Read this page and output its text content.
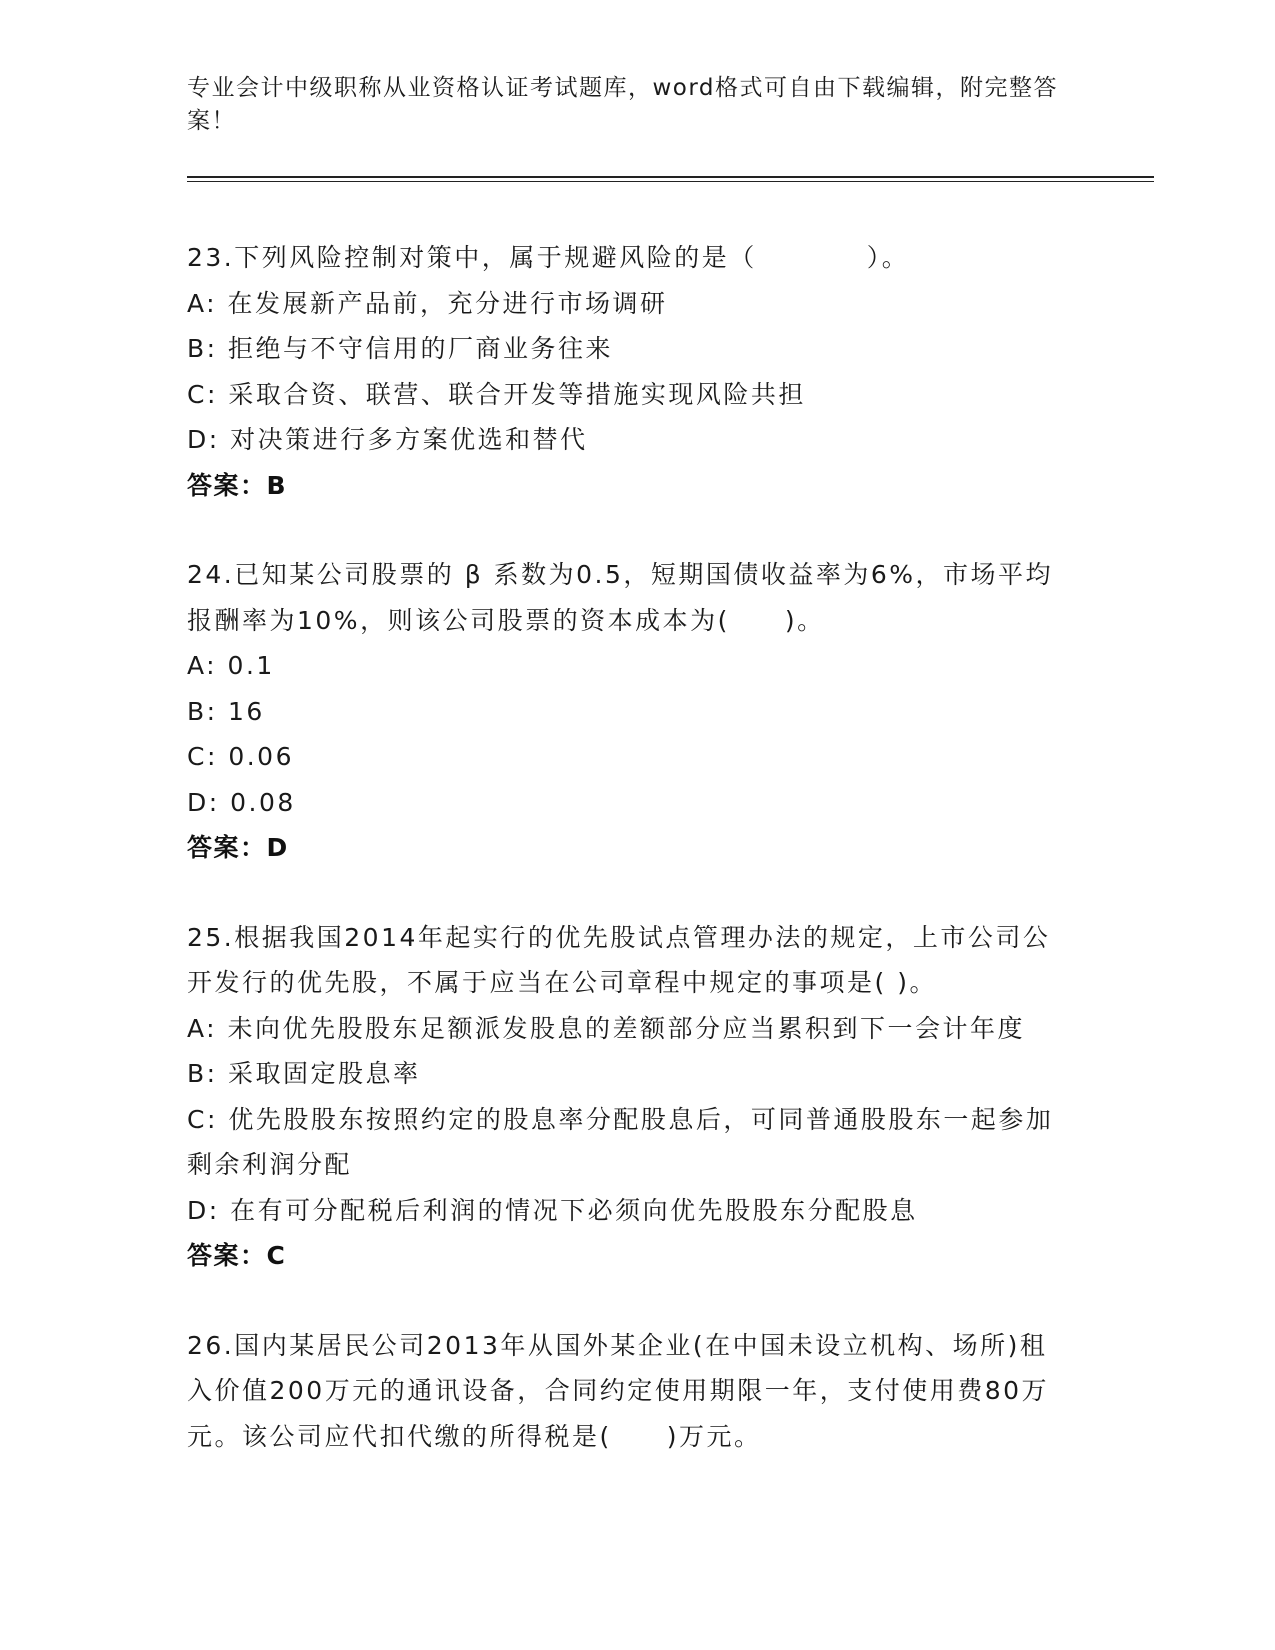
专业会计中级职称从业资格认证考试题库，word格式可自由下载编辑，附完整答案！
23.下列风险控制对策中，属于规避风险的是（　　　　）。
A: 在发展新产品前，充分进行市场调研
B: 拒绝与不守信用的厂商业务往来
C: 采取合资、联营、联合开发等措施实现风险共担
D: 对决策进行多方案优选和替代
答案：B
24.已知某公司股票的 β 系数为0.5，短期国债收益率为6%，市场平均报酬率为10%，则该公司股票的资本成本为(　　)。
A: 0.1
B: 16
C: 0.06
D: 0.08
答案：D
25.根据我国2014年起实行的优先股试点管理办法的规定，上市公司公开发行的优先股，不属于应当在公司章程中规定的事项是( )。
A: 未向优先股股东足额派发股息的差额部分应当累积到下一会计年度
B: 采取固定股息率
C: 优先股股东按照约定的股息率分配股息后，可同普通股股东一起参加剩余利润分配
D: 在有可分配税后利润的情况下必须向优先股股东分配股息
答案：C
26.国内某居民公司2013年从国外某企业(在中国未设立机构、场所)租入价值200万元的通讯设备，合同约定使用期限一年，支付使用费80万元。该公司应代扣代缴的所得税是(　　)万元。
